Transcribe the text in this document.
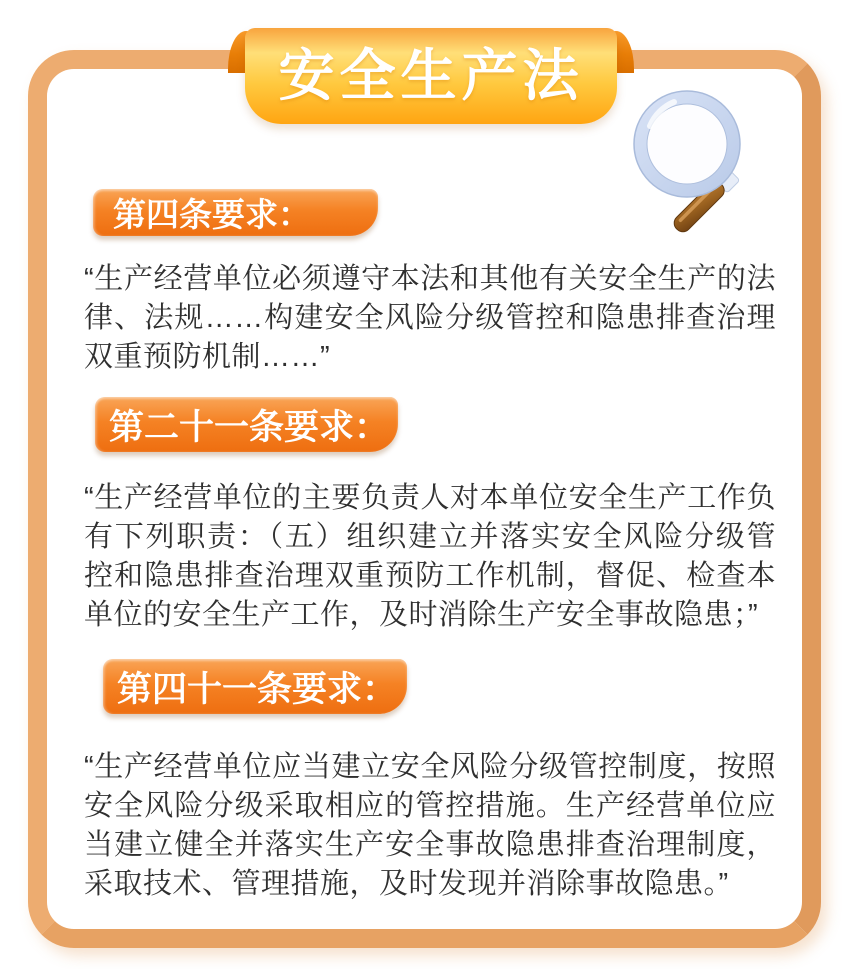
安全生产法
第四条要求：
“生产经营单位必须遵守本法和其他有关安全生产的法律、法规……构建安全风险分级管控和隐患排查治理双重预防机制……”
第二十一条要求：
“生产经营单位的主要负责人对本单位安全生产工作负有下列职责：（五）组织建立并落实安全风险分级管控和隐患排查治理双重预防工作机制，督促、检查本单位的安全生产工作，及时消除生产安全事故隐患；”
第四十一条要求：
“生产经营单位应当建立安全风险分级管控制度，按照安全风险分级采取相应的管控措施。生产经营单位应当建立健全并落实生产安全事故隐患排查治理制度，采取技术、管理措施，及时发现并消除事故隐患。”
